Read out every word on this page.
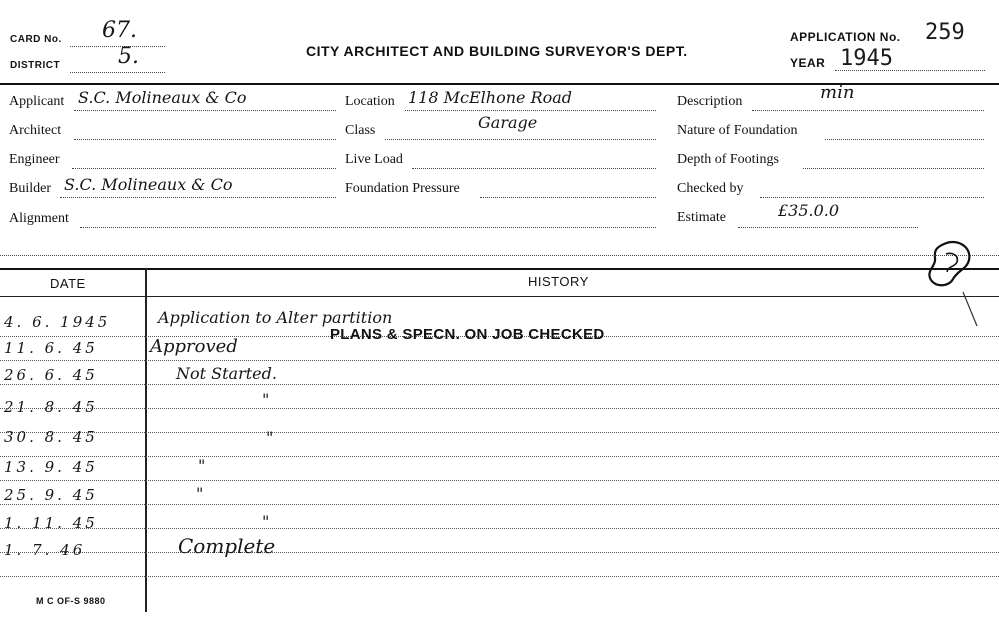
CARD No. 67.
DISTRICT	5.	CITY ARCHITECT AND BUILDING SURVEYOR'S DEPT.
APPLICATION No. 259
YEAR 1945
Applicant S.C. Molineaux & Co
Architect
Engineer
Builder S.C. Molineaux & Co
Alignment
Location 118 McElhone Road
Class	Garage
Live Load
Foundation Pressure
Description	min
Nature of Foundation
Depth of Footings
Checked by
Estimate	£35.0.0
DATE	HISTORY
4. 6. 1945	Application to Alter partition
11. 6. 45	Approved
PLANS & SPECN. ON JOB CHECKED
26. 6. 45	Not Started.
21. 8. 45	"
30. 8. 45	"
13. 9. 45	"
25. 9. 45	"
1. 11. 45	"
1. 7. 46	Complete
M C OF-S 9880
